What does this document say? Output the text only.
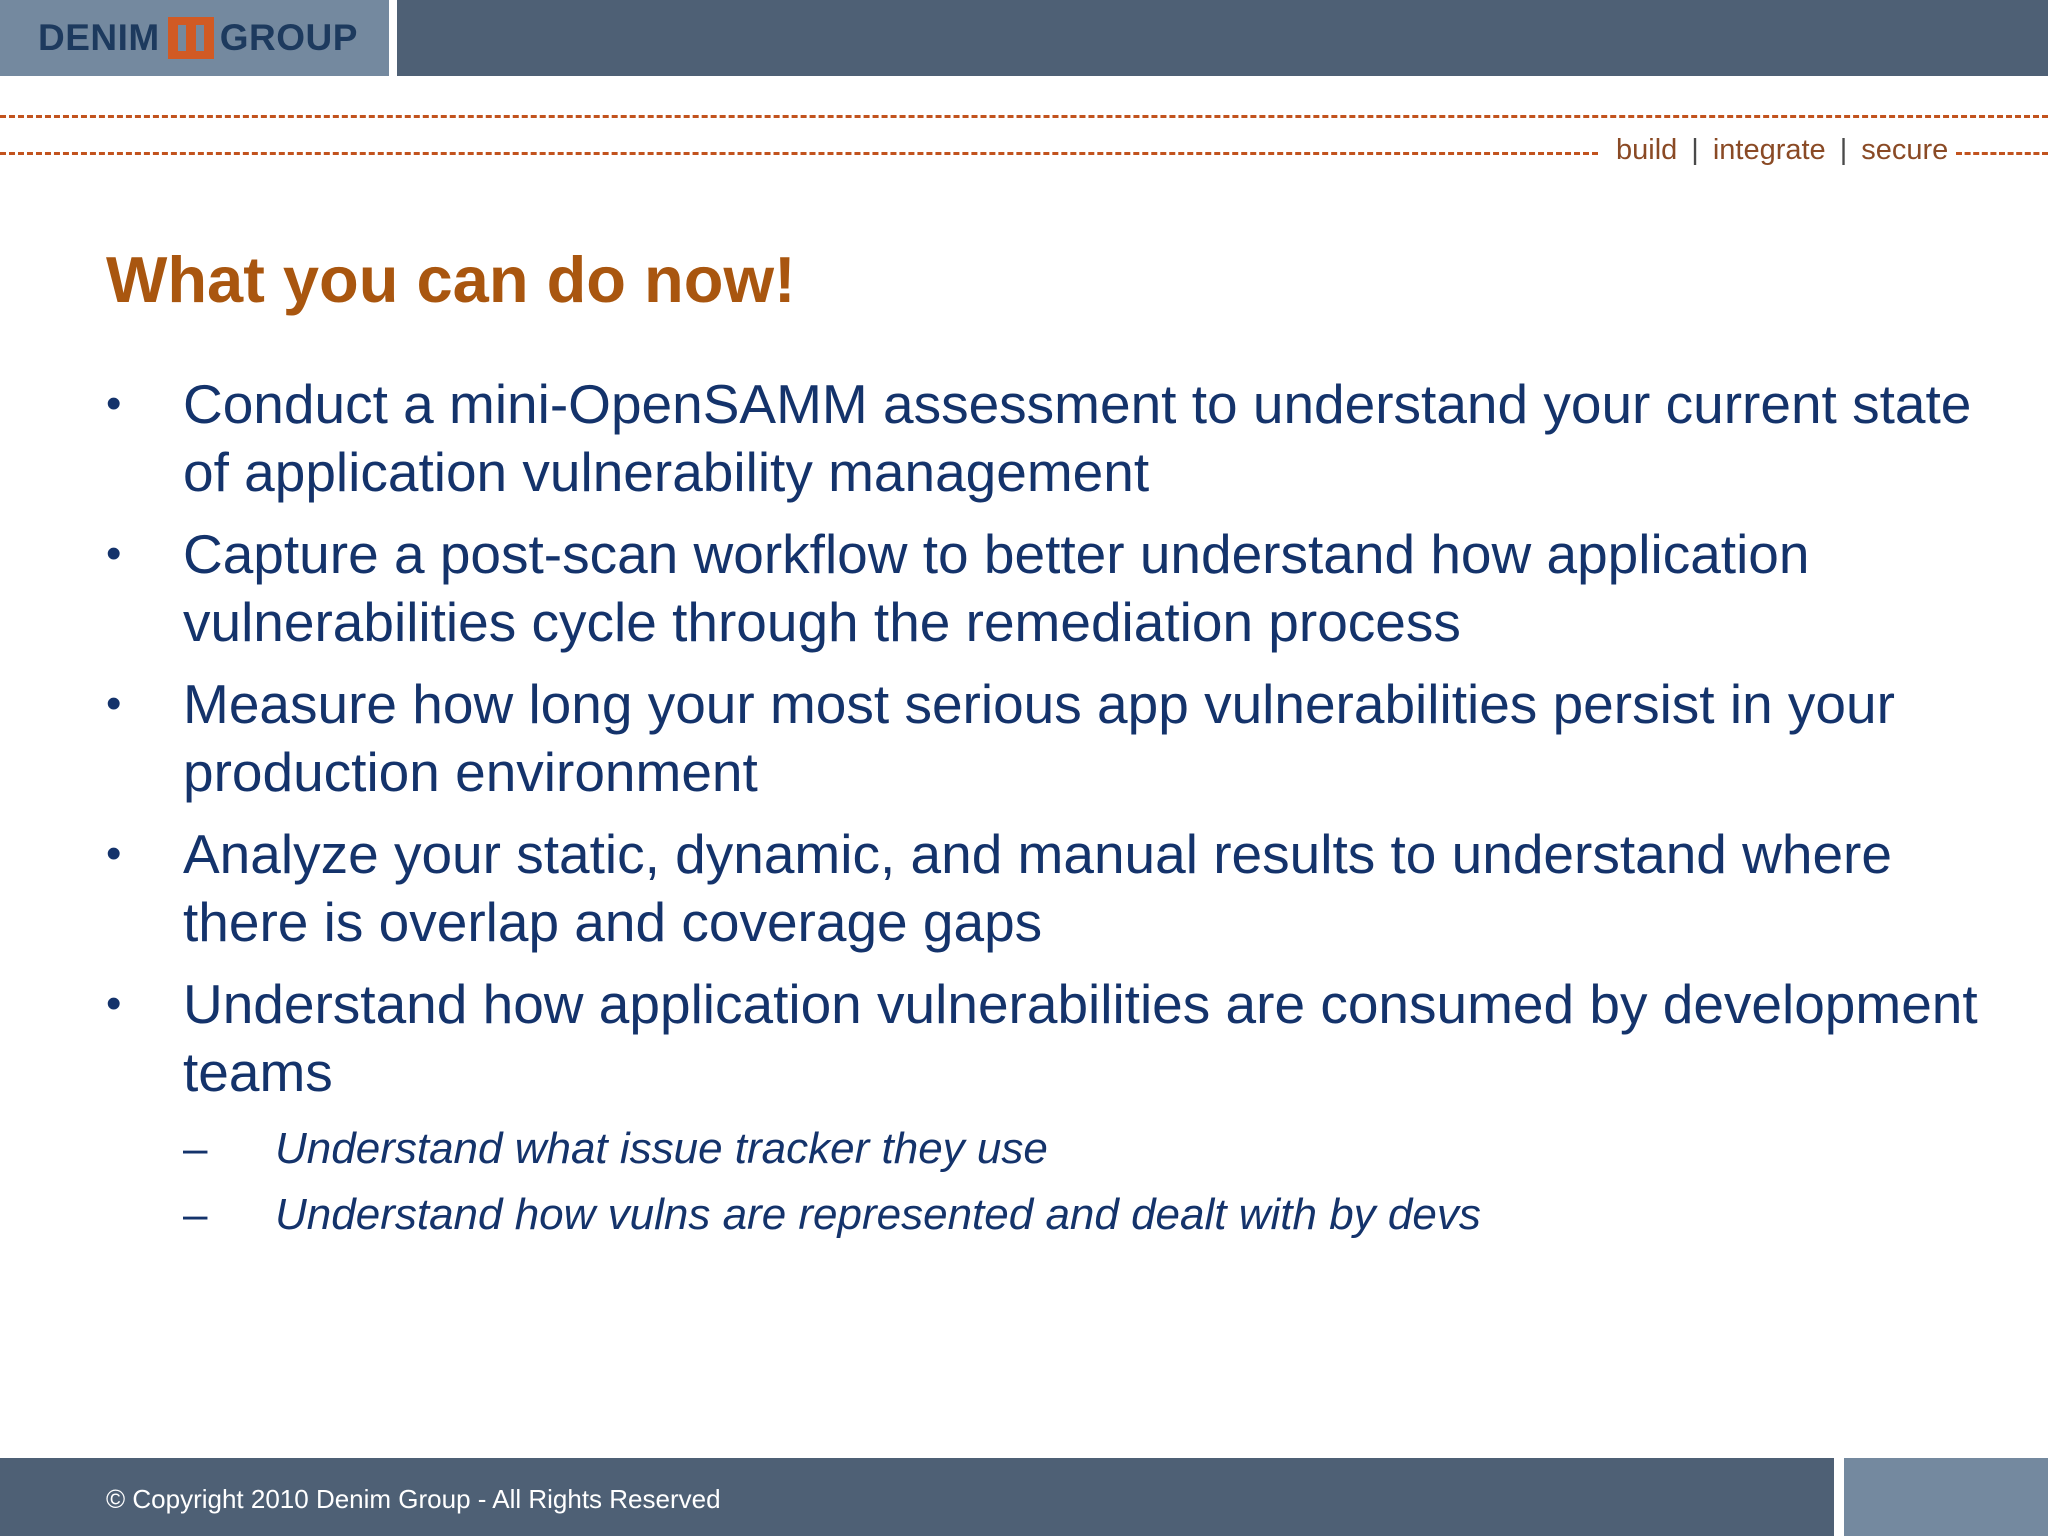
DENIM GROUP
build | integrate | secure
What you can do now!
• Conduct a mini-OpenSAMM assessment to understand your current state of application vulnerability management
• Capture a post-scan workflow to better understand how application vulnerabilities cycle through the remediation process
• Measure how long your most serious app vulnerabilities persist in your production environment
• Analyze your static, dynamic, and manual results to understand where there is overlap and coverage gaps
• Understand how application vulnerabilities are consumed by development teams
– Understand what issue tracker they use
– Understand how vulns are represented and dealt with by devs
© Copyright 2010 Denim Group - All Rights Reserved
